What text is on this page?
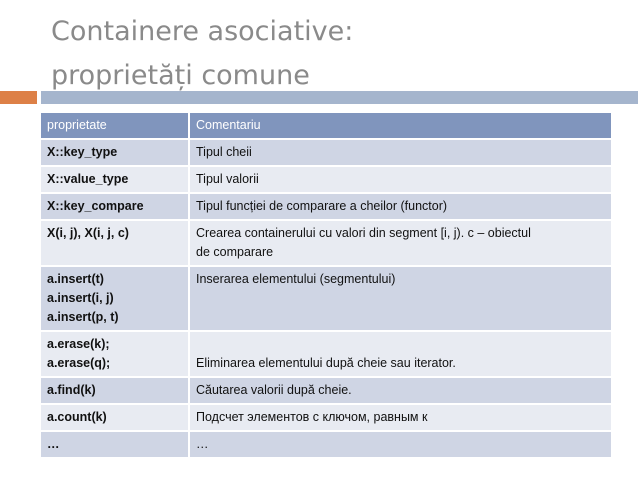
Containere asociative:
proprietăți comune
proprietate	Comentariu

X::key_type	Tipul cheii

X::value_type	Tipul valorii

X::key_compare	Tipul funcției de comparare a cheilor (functor)

X(i, j), X(i, j, c)	Crearea containerului cu valori din segment [i, j). c – obiectul
de comparare

a.insert(t)
a.insert(i, j)
a.insert(p, t)	Inserarea elementului (segmentului)

a.erase(k);
a.erase(q);	Eliminarea elementului după cheie sau iterator.

a.find(k)	Căutarea valorii după cheie.

a.count(k)	Подсчет элементов с ключом, равным к

…	…
